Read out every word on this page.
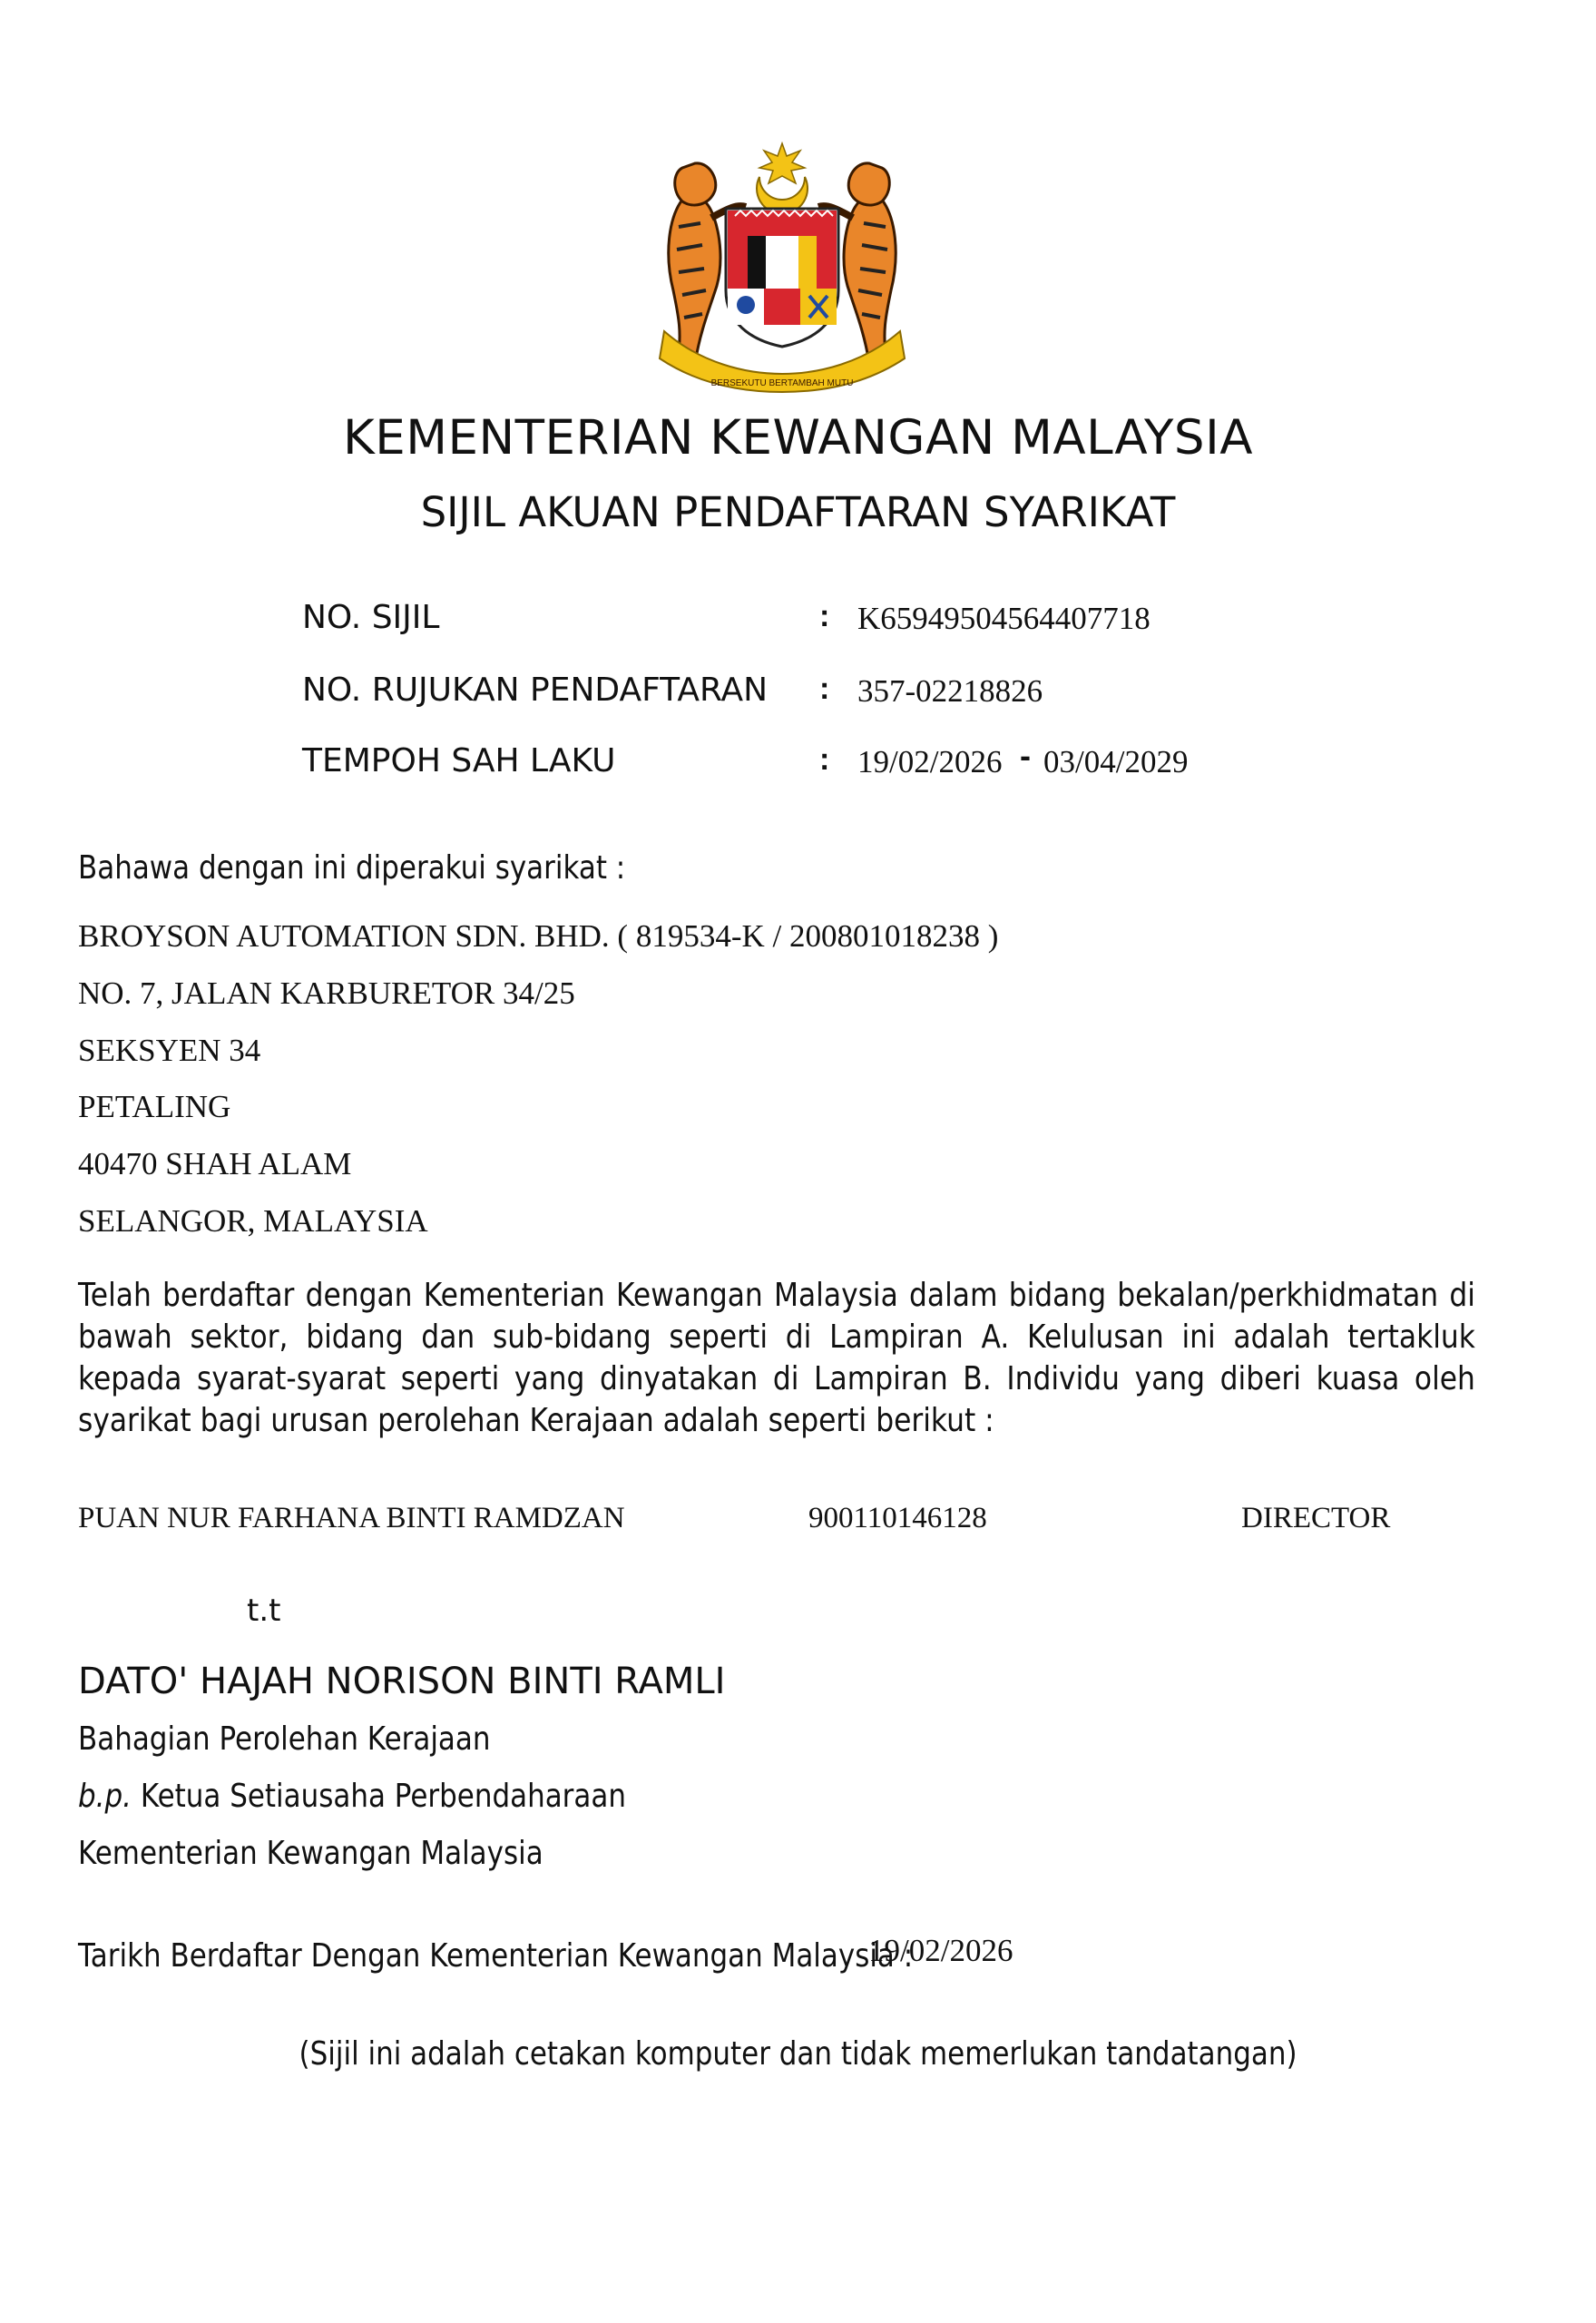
BERSEKUTU BERTAMBAH MUTU
KEMENTERIAN KEWANGAN MALAYSIA
SIJIL AKUAN PENDAFTARAN SYARIKAT
NO. SIJIL	: K65949504564407718
NO. RUJUKAN PENDAFTARAN : 357-02218826
TEMPOH SAH LAKU	: 19/02/2026 - 03/04/2029
Bahawa dengan ini diperakui syarikat :
BROYSON AUTOMATION SDN. BHD. ( 819534-K / 200801018238 )
NO. 7, JALAN KARBURETOR 34/25
SEKSYEN 34
PETALING
40470 SHAH ALAM
SELANGOR, MALAYSIA
Telah berdaftar dengan Kementerian Kewangan Malaysia dalam bidang bekalan/perkhidmatan di bawah sektor, bidang dan sub-bidang seperti di Lampiran A. Kelulusan ini adalah tertakluk kepada syarat-syarat seperti yang dinyatakan di Lampiran B. Individu yang diberi kuasa oleh syarikat bagi urusan perolehan Kerajaan adalah seperti berikut :
PUAN NUR FARHANA BINTI RAMDZAN	900110146128	DIRECTOR
t.t
DATO' HAJAH NORISON BINTI RAMLI
Bahagian Perolehan Kerajaan
b.p. Ketua Setiausaha Perbendaharaan
Kementerian Kewangan Malaysia
Tarikh Berdaftar Dengan Kementerian Kewangan Malaysia :
19/02/2026
(Sijil ini adalah cetakan komputer dan tidak memerlukan tandatangan)
